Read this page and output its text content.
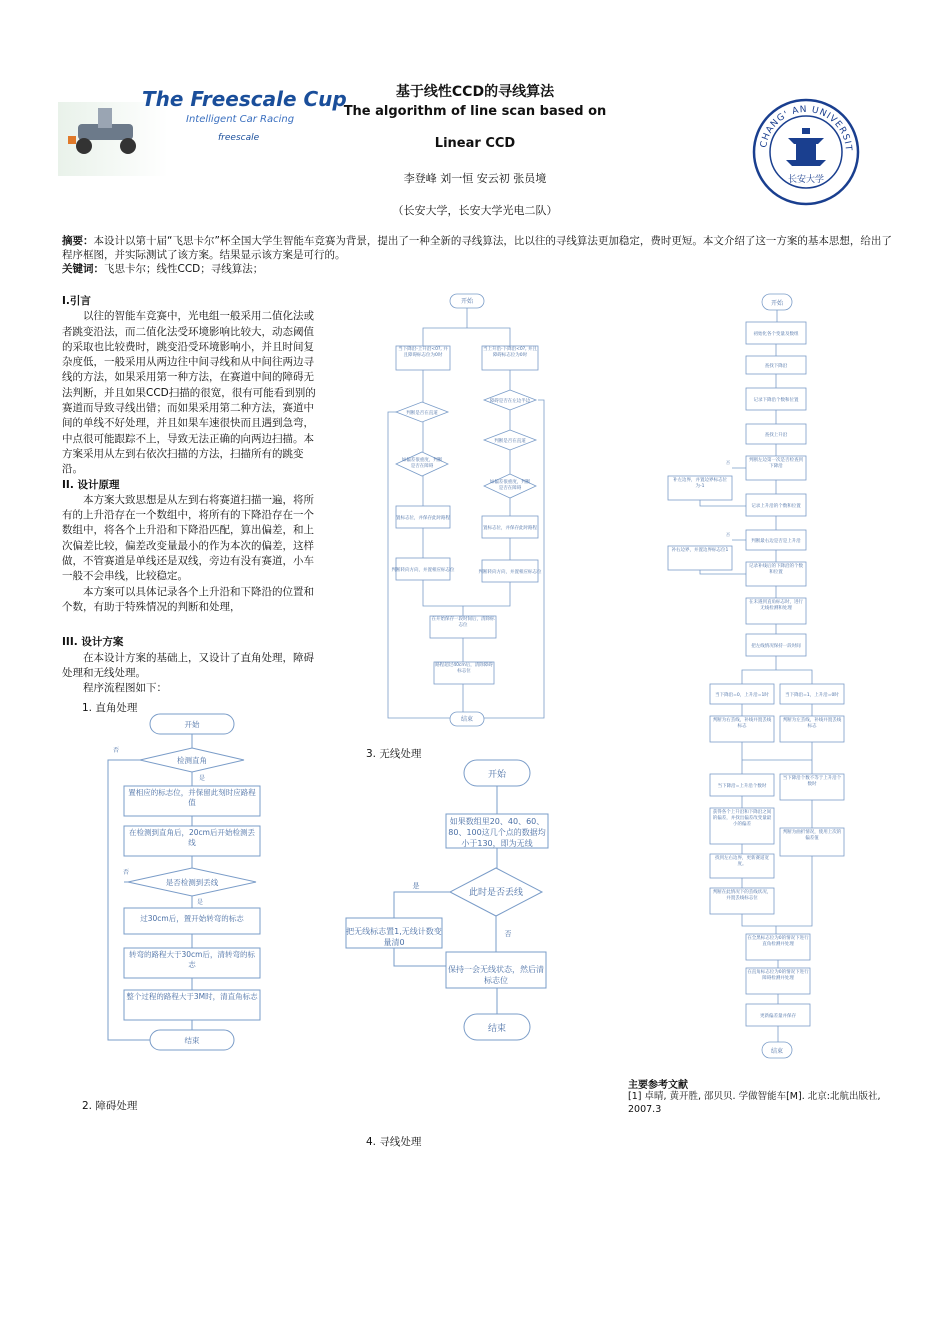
The Freescale Cup
Intelligent Car Racing
freescale
基于线性CCD的寻线算法
The algorithm of line scan based on
Linear CCD
李登峰 刘一恒 安云初 张员境
（长安大学，长安大学光电二队）
CHANG' AN UNIVERSIT
长安大学
摘要：本设计以第十届“飞思卡尔”杯全国大学生智能车竞赛为背景，提出了一种全新的寻线算法，比以往的寻线算法更加稳定，费时更短。本文介绍了这一方案的基本思想，给出了程序框图，并实际测试了该方案。结果显示该方案是可行的。
关键词：飞思卡尔；线性CCD；寻线算法；
I.引言

以往的智能车竞赛中，光电组一般采用二值化法或者跳变沿法，而二值化法受环境影响比较大，动态阈值的采取也比较费时，跳变沿受环境影响小，并且时间复杂度低，一般采用从两边往中间寻线和从中间往两边寻线的方法，如果采用第一种方法，在赛道中间的障碍无法判断，并且如果CCD扫描的很宽，很有可能看到别的赛道而导致寻线出错；而如果采用第二种方法，赛道中间的单线不好处理，并且如果车速很快而且遇到急弯，中点很可能跟踪不上，导致无法正确的向两边扫描。本方案采用从左到右依次扫描的方法，扫描所有的跳变沿。

II. 设计原理

本方案大致思想是从左到右将赛道扫描一遍，将所有的上升沿存在一个数组中，将所有的下降沿存在一个数组中，将各个上升沿和下降沿匹配，算出偏差，和上次偏差比较，偏差改变量最小的作为本次的偏差，这样做，不管赛道是单线还是双线，旁边有没有赛道，小车一般不会串线，比较稳定。

本方案可以具体记录各个上升沿和下降沿的位置和个数，有助于特殊情况的判断和处理，

III. 设计方案

在本设计方案的基础上，又设计了直角处理，障碍处理和无线处理。

程序流程图如下：

1. 直角处理
2. 障碍处理
3. 无线处理
4. 寻线处理
开始
检测直角
是
否
置相应的标志位，并保留此刻时应路程值
在检测到直角后，20cm后开始检测丢线
是否检测到丢线
是
否
过30cm后，置开始转弯的标志
转弯的路程大于30cm后，清转弯的标志
整个过程的路程大于3M时，清直角标志
结束
开始
当下降沿-上升沿<0?, 并且障碍标志位为0时
当上升沿-下降沿<0?, 并且障碍标志位为0时
障碍是否在左边半边
判断是否在直道
判断是否在直道
如偏差很重度，判断是否在障碍
如偏差很重度，判断是否在障碍
置标志位，并保存此时路程
置标志位，并保存此时路程
判断转向方向，并置相应标志位	判断转向方向，并置相应标志位
在开始保存一段时间后，清除标志位
路程超过40cm后，清除障碍标志位
结束
开始
如果数组里20、40、60、80、100这几个点的数据均小于130，即为无线
此时是否丢线
是
否
把无线标志置1,无线计数变量清0
保持一会无线状态，然后清标志位
结束
开始
初始化各个变量及数组
查找下降沿
记录下降沿个数和位置
查找上升沿
判断左边第一次是否检查到下降沿
补左边界，并置边界标志位为-1
否
记录上升沿的个数和位置
判断最右边是否是上升沿
补右边界，并置边界标志位1
否
记录补线后的下降沿的个数和位置
在未遇到直角标志时，进行无线检测和处理
把左线情况保持一段时间
当下降沿=0，上升沿=1时	当下降沿=1，上升沿=0时
判断为右丢线，补线并置丢线标志
判断为左丢线，补线并置丢线标志
当下降沿=上升沿个数时
当下降沿个数不等于上升沿个数时
获得各个上升沿和下降沿之间的偏差，并找出偏差改变量最小的偏差
判断为曲折情况，使用上次的偏差值
找到左右边界，更新赛道宽度。
判断在此情况下的丢线状况，并置丢线标志位
在全黑标志位为0的情况下进行直角检测并处理
在直角标志位为0的情况下进行障碍检测并处理
更新偏差量并保存
结束
主要参考文献
[1] 卓晴, 黄开胜, 邵贝贝. 学做智能车[M]. 北京:北航出版社, 2007.3
